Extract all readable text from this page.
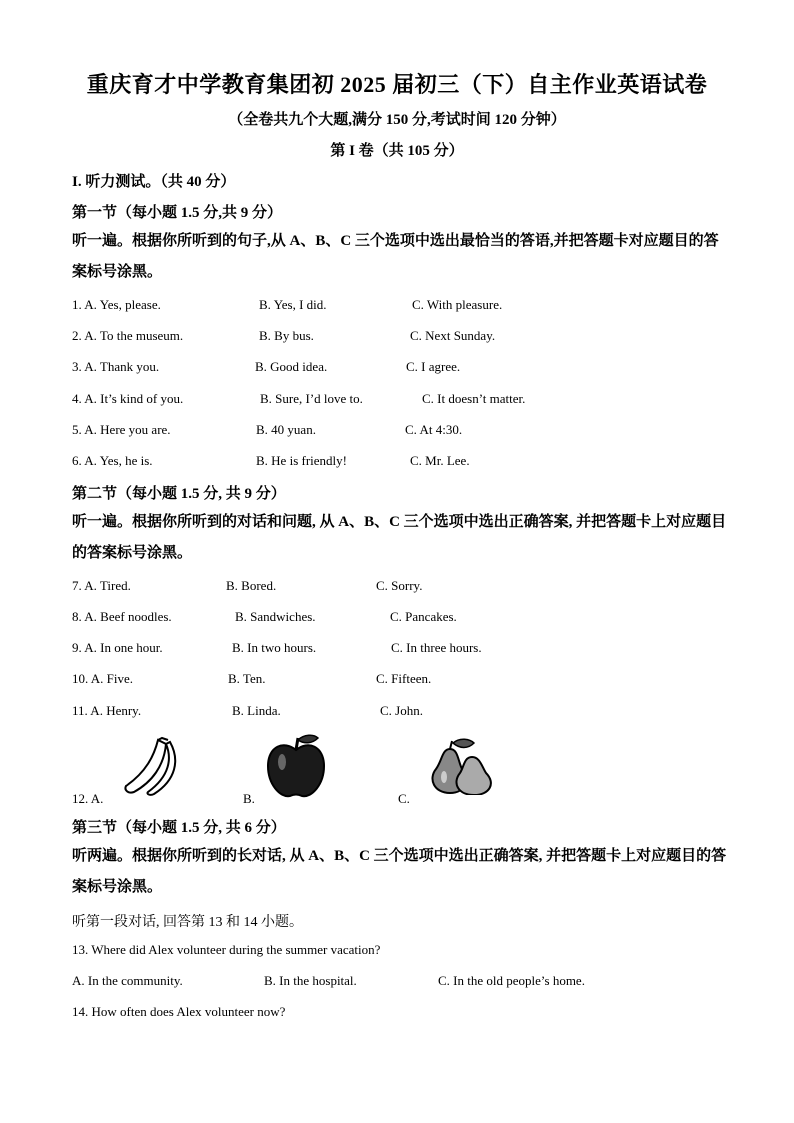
重庆育才中学教育集团初 2025 届初三（下）自主作业英语试卷
（全卷共九个大题,满分 150 分,考试时间 120 分钟）
第 I 卷（共 105 分）
I. 听力测试。（共 40 分）
第一节（每小题 1.5 分,共 9 分）
听一遍。根据你所听到的句子,从 A、B、C 三个选项中选出最恰当的答语,并把答题卡对应题目的答案标号涂黑。
1. A. Yes, please.	B. Yes, I did.	C. With pleasure.
2. A. To the museum.	B. By bus.	C. Next Sunday.
3. A. Thank you.	B. Good idea.	C. I agree.
4. A. It’s kind of you.	B. Sure, I’d love to.	C. It doesn’t matter.
5. A. Here you are.	B. 40 yuan.	C. At 4:30.
6. A. Yes, he is.	B. He is friendly!	C. Mr. Lee.
第二节（每小题 1.5 分, 共 9 分）
听一遍。根据你所听到的对话和问题, 从 A、B、C 三个选项中选出正确答案, 并把答题卡上对应题目的答案标号涂黑。
7. A. Tired.	B. Bored.	C. Sorry.
8. A. Beef noodles.	B. Sandwiches.	C. Pancakes.
9. A. In one hour.	B. In two hours.	C. In three hours.
10. A. Five.	B. Ten.	C. Fifteen.
11. A. Henry.	B. Linda.	C. John.
12. A.	B.	C.
第三节（每小题 1.5 分, 共 6 分）
听两遍。根据你所听到的长对话, 从 A、B、C 三个选项中选出正确答案, 并把答题卡上对应题目的答案标号涂黑。
听第一段对话, 回答第 13 和 14 小题。
13. Where did Alex volunteer during the summer vacation?
A. In the community.	B. In the hospital.	C. In the old people’s home.
14. How often does Alex volunteer now?
